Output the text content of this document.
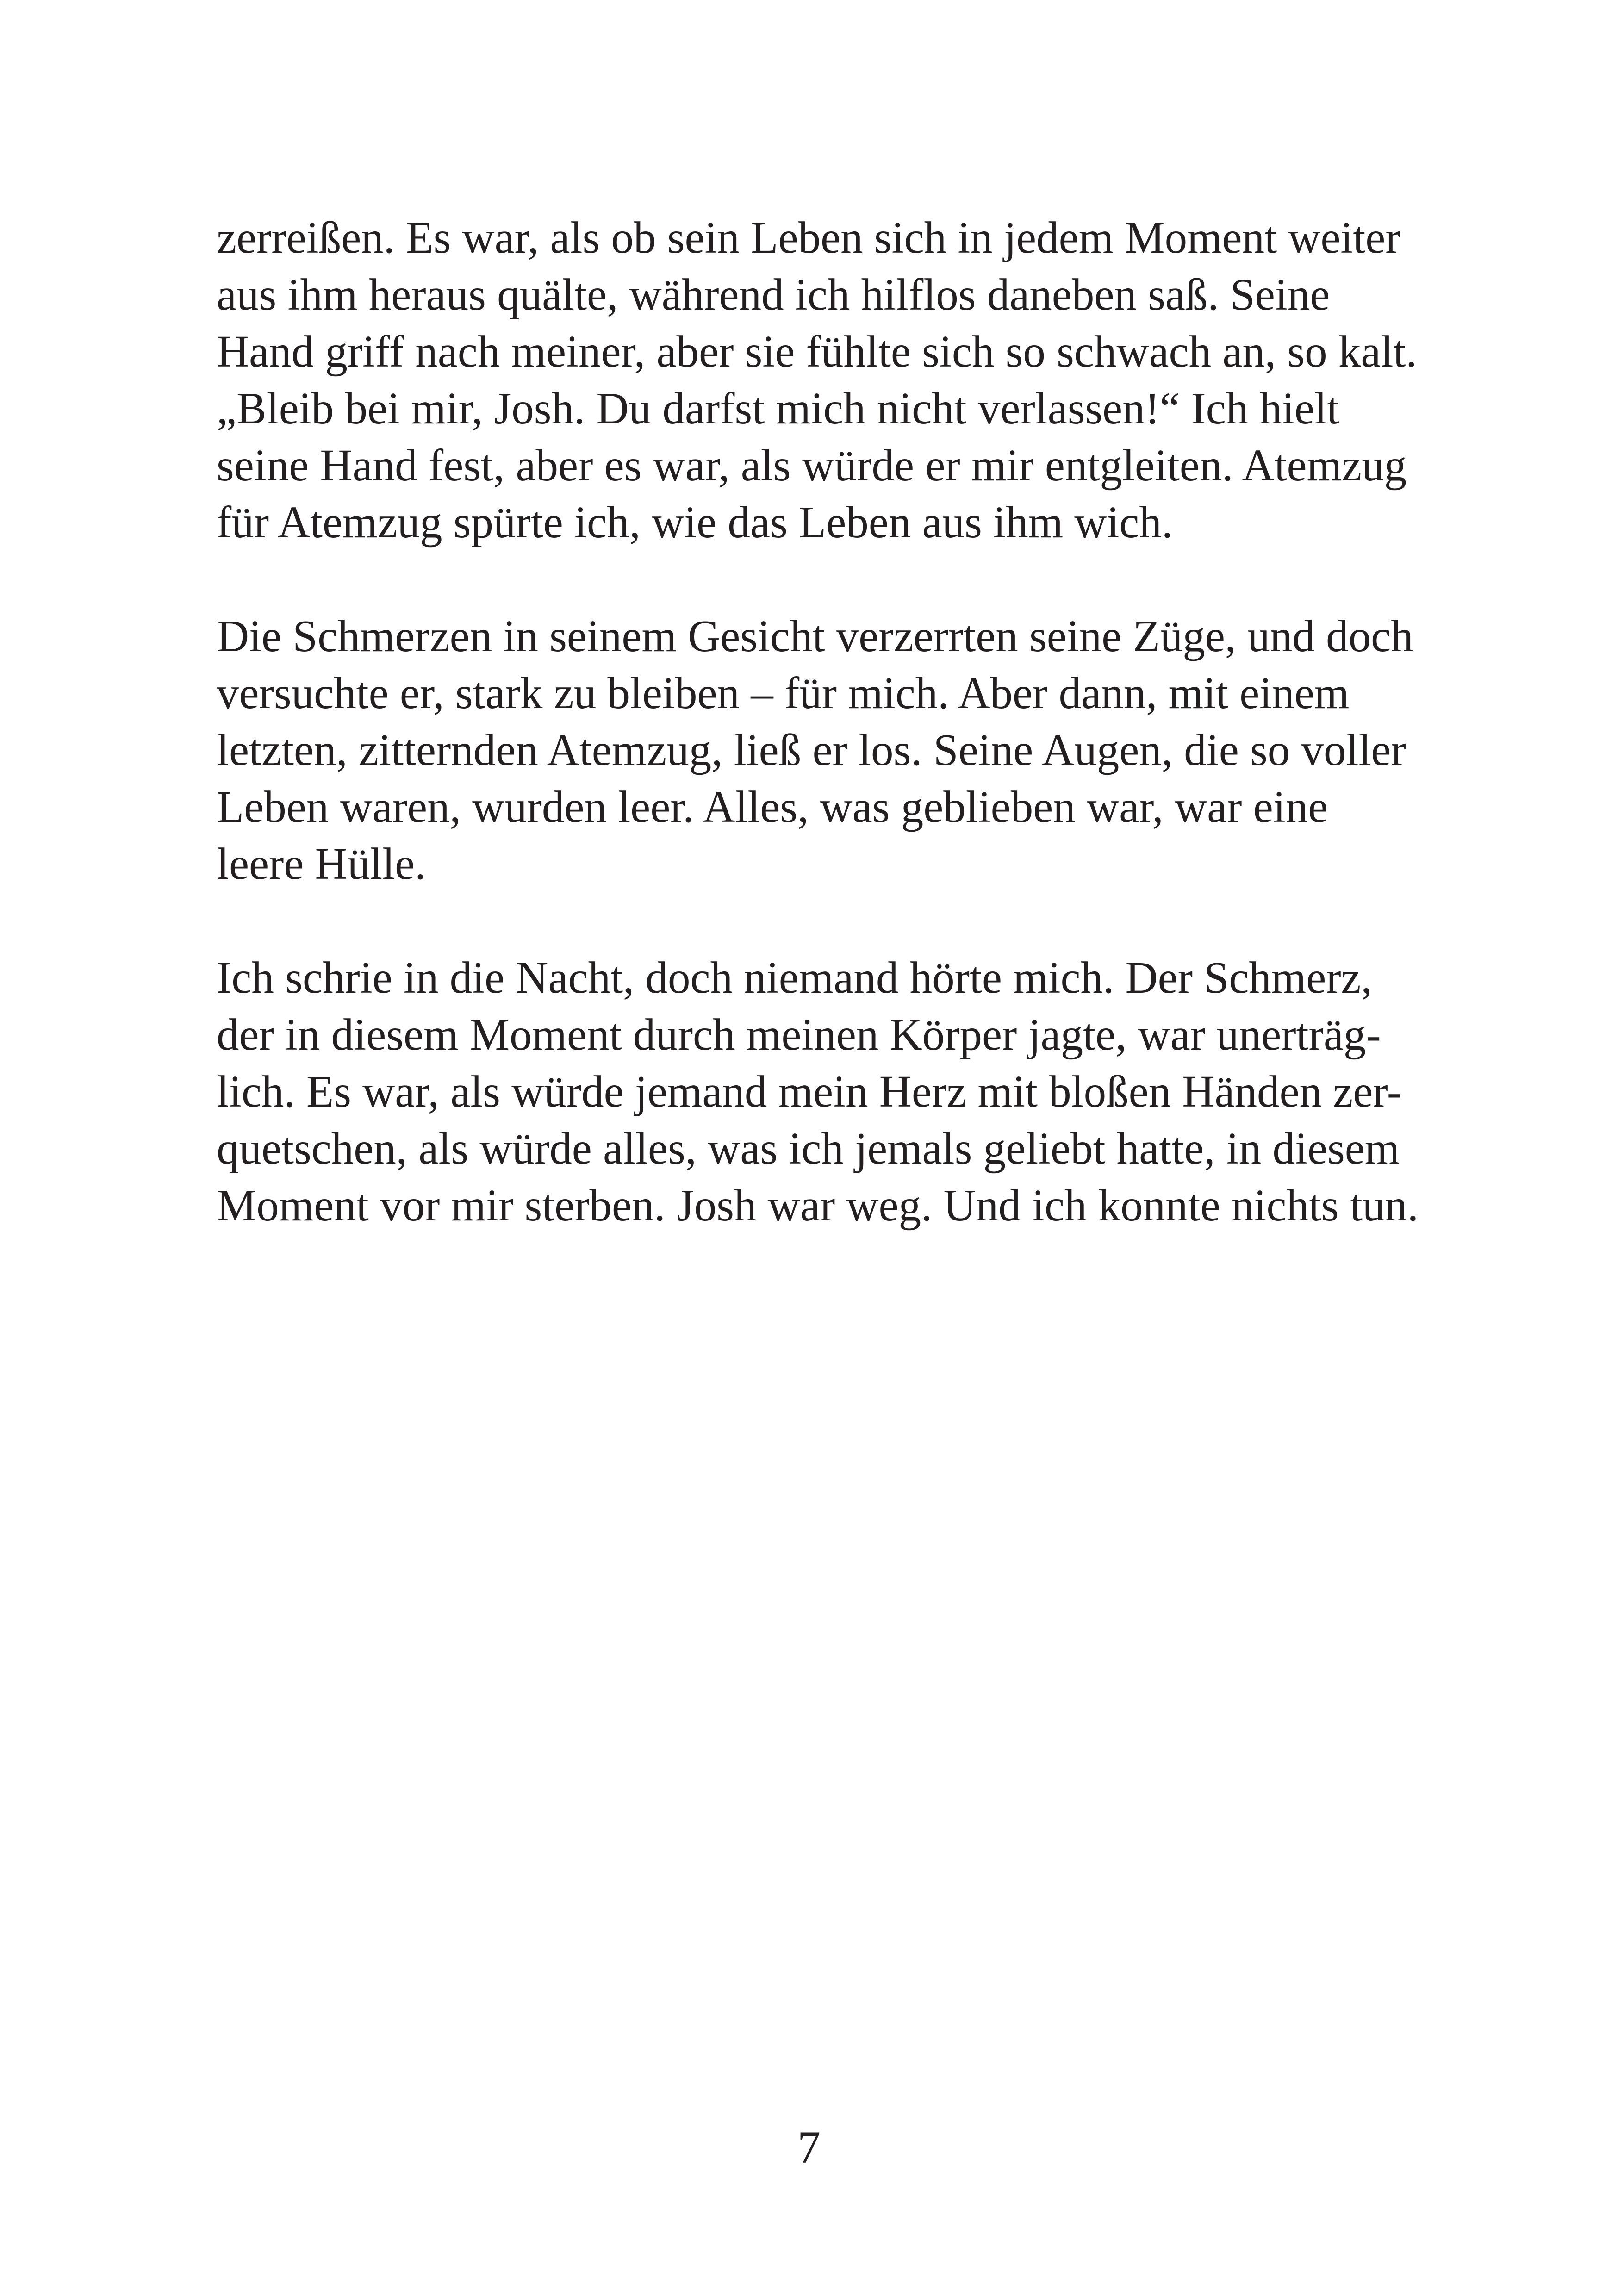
zerreißen. Es war, als ob sein Leben sich in jedem Moment weiter
aus ihm heraus quälte, während ich hilflos daneben saß. Seine
Hand griff nach meiner, aber sie fühlte sich so schwach an, so kalt.
„Bleib bei mir, Josh. Du darfst mich nicht verlassen!“ Ich hielt
seine Hand fest, aber es war, als würde er mir entgleiten. Atemzug
für Atemzug spürte ich, wie das Leben aus ihm wich.

Die Schmerzen in seinem Gesicht verzerrten seine Züge, und doch
versuchte er, stark zu bleiben – für mich. Aber dann, mit einem
letzten, zitternden Atemzug, ließ er los. Seine Augen, die so voller
Leben waren, wurden leer. Alles, was geblieben war, war eine
leere Hülle.

Ich schrie in die Nacht, doch niemand hörte mich. Der Schmerz,
der in diesem Moment durch meinen Körper jagte, war unerträg-
lich. Es war, als würde jemand mein Herz mit bloßen Händen zer-
quetschen, als würde alles, was ich jemals geliebt hatte, in diesem
Moment vor mir sterben. Josh war weg. Und ich konnte nichts tun.

7
